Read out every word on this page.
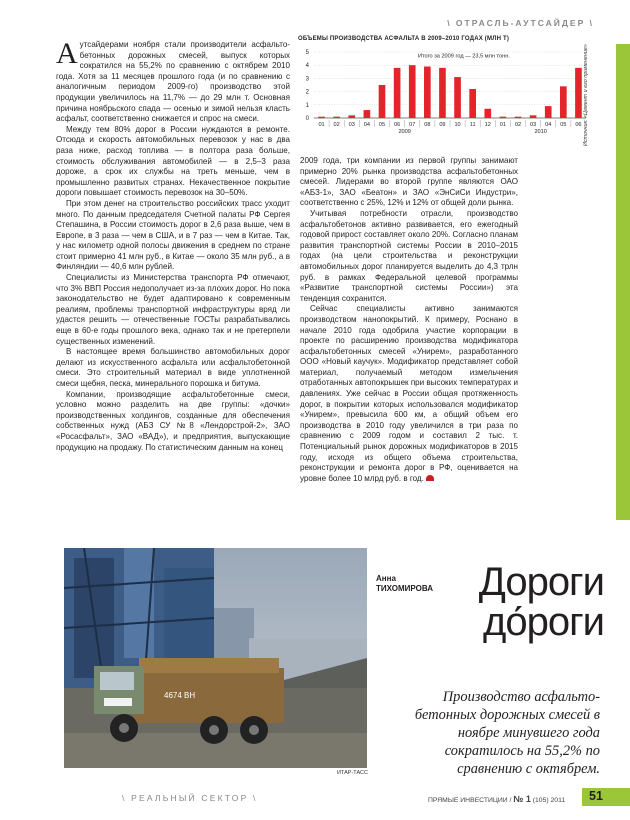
\ ОТРАСЛЬ-АУТСАЙДЕР \

Аутсайдерами ноября стали производители асфальто-бетонных дорожных смесей, выпуск которых сократился на 55,2% по сравнению с октябрем 2010 года. Хотя за 11 месяцев прошлого года (и по сравнению с аналогичным периодом 2009-го) производство этой продукции увеличилось на 11,7% — до 29 млн т. Основная причина ноябрьского спада — осенью и зимой нельзя класть асфальт, соответственно снижается и спрос на смеси.

Между тем 80% дорог в России нуждаются в ремонте. Отсюда и скорость автомобильных перевозок у нас в два раза ниже, расход топлива — в полтора раза больше, стоимость обслуживания автомобилей — в 2,5–3 раза дороже, а срок их службы на треть меньше, чем в промышленно развитых странах. Некачественное покрытие дороги повышает стоимость перевозок на 30–50%.

При этом денег на строительство российских трасс уходит много. По данным председателя Счетной палаты РФ Сергея Степашина, в России стоимость дорог в 2,6 раза выше, чем в Европе, в 3 раза — чем в США, и в 7 раз — чем в Китае. Так, у нас километр одной полосы движения в среднем по стране стоит примерно 41 млн руб., в Китае — около 35 млн руб., а в Финляндии — 40,6 млн рублей.

Специалисты из Министерства транспорта РФ отмечают, что 3% ВВП Россия недополучает из-за плохих дорог. Но пока законодательство не будет адаптировано к современным реалиям, проблемы транспортной инфраструктуры вряд ли удастся решить — отечественные ГОСТы разрабатывались еще в 60-е годы прошлого века, однако так и не претерпели существенных изменений.

В настоящее время большинство автомобильных дорог делают из искусственного асфальта или асфальтобетонной смеси. Это строительный материал в виде уплотненной смеси щебня, песка, минерального порошка и битума.

Компании, производящие асфальтобетонные смеси, условно можно разделить на две группы: «дочки» производственных холдингов, созданные для обеспечения собственных нужд (АБЗ СУ №8 «Лендорстрой-2», ЗАО «Росасфальт», ЗАО «ВАД»), и предприятия, выпускающие продукцию на продажу. По статистическим данным на конец

ОБЪЕМЫ ПРОИЗВОДСТВА АСФАЛЬТА В 2009–2010 ГОДАХ (МЛН Т)
0
1
2
3
4
5
01 02 03 04 05 06 07 08 09 10 11 12 01 02 03 04 05 06
2009	2010
Итого за 2009 год — 23,5 млн тонн.	Источник: «Цемент и его применение»

2009 года, три компании из первой группы занимают примерно 20% рынка производства асфальтобетонных смесей. Лидерами во второй группе являются ОАО «АБЗ-1», ЗАО «Беатон» и ЗАО «ЭнСиСи Индустри», соответственно с 25%, 12% и 12% от общей доли рынка.

Учитывая потребности отрасли, производство асфальтобетонов активно развивается, его ежегодный годовой прирост составляет около 20%. Согласно планам развития транспортной системы России в 2010–2015 годах (на цели строительства и реконструкции автомобильных дорог планируется выделить до 4,3 трлн руб. в рамках Федеральной целевой программы «Развитие транспортной системы России») эта тенденция сохранится.

Сейчас специалисты активно занимаются производством нанопокрытий. К примеру, Роснано в начале 2010 года одобрила участие корпорации в проекте по расширению производства модификатора асфальтобетонных смесей «Унирем», разработанного ООО «Новый каучук». Модификатор представляет собой материал, получаемый методом измельчения отработанных автопокрышек при высоких температурах и давлениях. Уже сейчас в России общая протяженность дорог, в покрытии которых использовался модификатор «Унирем», превысила 600 км, а общий объем его производства в 2010 году увеличился в три раза по сравнению с 2009 годом и составил 2 тыс. т. Потенциальный рынок дорожных модификаторов в 2015 году, исходя из общего объема строительства, реконструкции и ремонта дорог в РФ, оценивается на уровне более 10 млрд руб. в год.

4674 ВН
ИТАР-ТАСС
Анна
ТИХОМИРОВА	Дороги
до́роги
Производство асфальто-бетонных дорожных смесей в ноябре минувшего года сократилось на 55,2% по сравнению с октябрем.
\ РЕАЛЬНЫЙ СЕКТОР \	ПРЯМЫЕ ИНВЕСТИЦИИ / № 1 (105) 2011 51
